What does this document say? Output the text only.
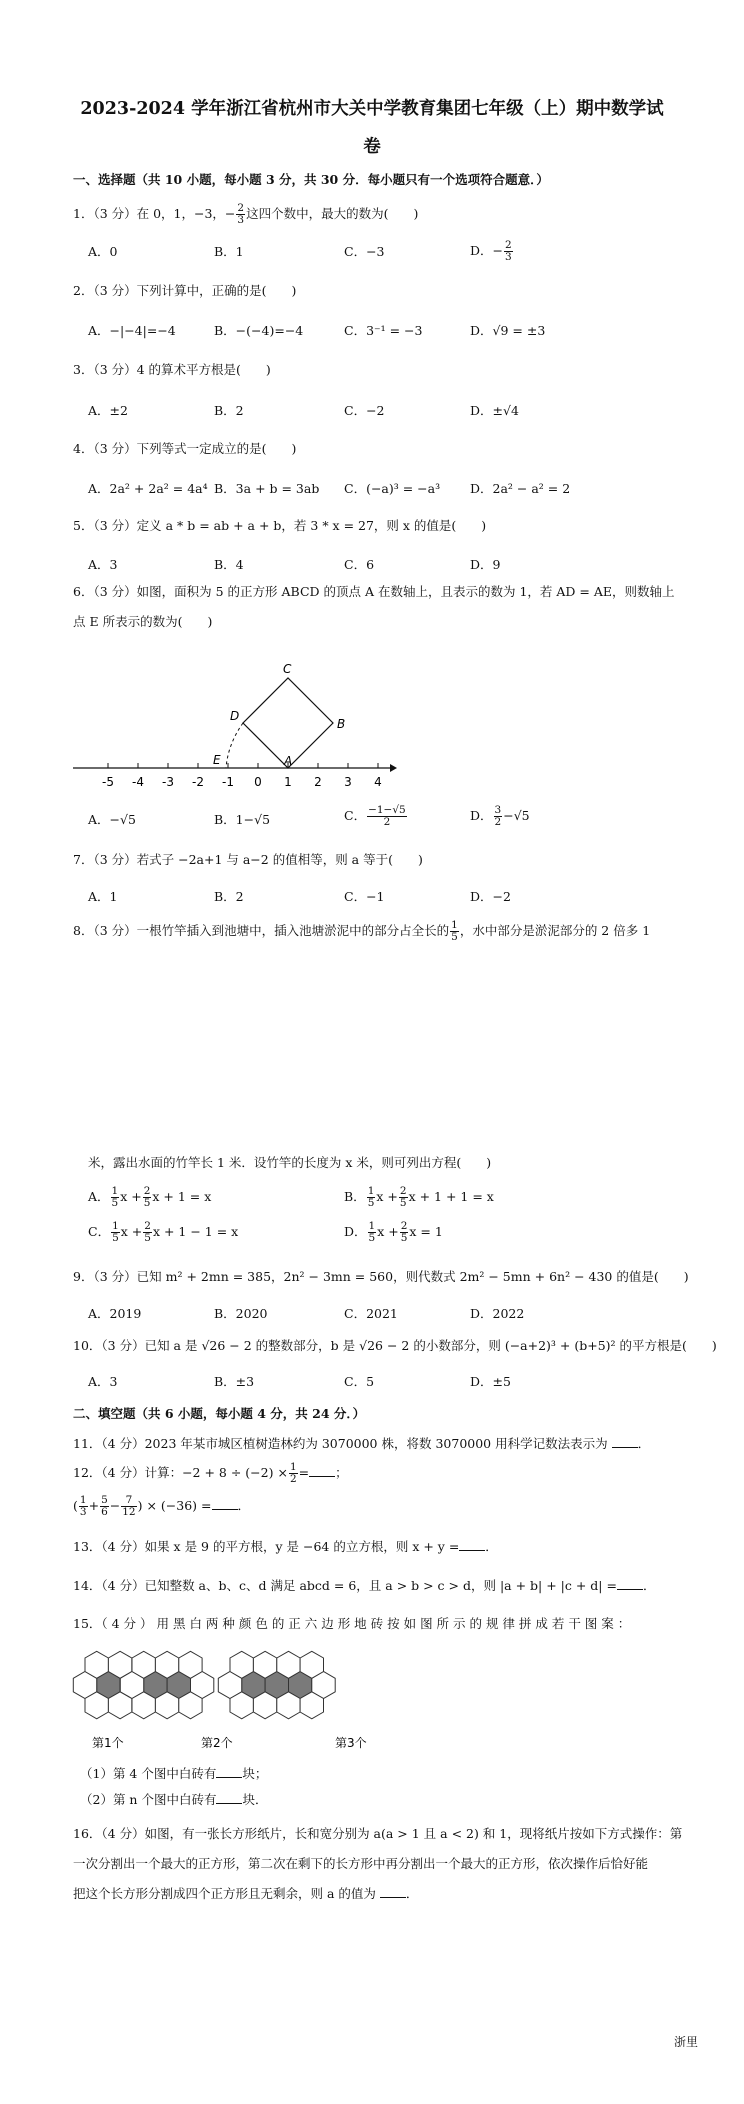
2023-2024 学年浙江省杭州市大关中学教育集团七年级（上）期中数学试
卷
一、选择题（共 10 小题，每小题 3 分，共 30 分．每小题只有一个选项符合题意．）
1．（3 分）在 0，1，−3，− $\frac{2}{3}$ 这四个数中，最大的数为(　　)
A．0	B．1	C．−3	D．− $\frac{2}{3}$
2．（3 分）下列计算中，正确的是(　　)
A．−|−4|=−4	B．−(−4)=−4	C．3⁻¹ = −3	D．√9 = ±3
3．（3 分）4 的算术平方根是(　　)
A．±2	B．2	C．−2	D．±√4
4．（3 分）下列等式一定成立的是(　　)
A．2a² + 2a² = 4a⁴ B．3a + b = 3ab C．(−a)³ = −a³ D．2a² − a² = 2
5．（3 分）定义 a * b = ab + a + b，若 3 * x = 27，则 x 的值是(　　)
A．3	B．4	C．6	D．9
6．（3 分）如图，面积为 5 的正方形 ABCD 的顶点 A 在数轴上，且表示的数为 1，若 AD = AE，则数轴上
点 E 所表示的数为(　　)
-5 -4 -3 -2 -1 0 1 2 3 4
A
B
C
D
E
A．−√5	B．1−√5	C． $\frac{-1-√5}{2}$	D． $\frac{3}{2} -√5$
7．（3 分）若式子 −2a+1 与 a−2 的值相等，则 a 等于(　　)
A．1	B．2	C．−1	D．−2
8．（3 分）一根竹竿插入到池塘中，插入池塘淤泥中的部分占全长的 $\frac{1}{5}$ ，水中部分是淤泥部分的 2 倍多 1
米，露出水面的竹竿长 1 米．设竹竿的长度为 x 米，则可列出方程(　　)
A． $\frac{1}{5}$ $x + \frac{2}{5}$ x + 1 = x	B． $\frac{1}{5}$ $x + \frac{2}{5}$ x + 1 + 1 = x
C． $\frac{1}{5}$ $x + \frac{2}{5}$ x + 1 − 1 = x	D． $\frac{1}{5}$ $x + \frac{2}{5}$ x = 1
9．（3 分）已知 m² + 2mn = 385，2n² − 3mn = 560，则代数式 2m² − 5mn + 6n² − 430 的值是(　　)
A．2019	B．2020	C．2021	D．2022
10．（3 分）已知 a 是 √26 − 2 的整数部分，b 是 √26 − 2 的小数部分，则 (−a+2)³ + (b+5)² 的平方根是(　　)
A．3	B．±3	C．5	D．±5
二、填空题（共 6 小题，每小题 4 分，共 24 分．）
11．（4 分）2023 年某市城区植树造林约为 3070000 株，将数 3070000 用科学记数法表示为 ．
12．（4 分）计算：$-2 + 8 \div (-2) \times \frac{1}{2}$ = ；
( $\frac{1}{3} + \frac{5}{6} - \frac{7}{12}$ ) × (−36) = ．
13．（4 分）如果 x 是 9 的平方根，y 是 −64 的立方根，则 x + y = ．
14．（4 分）已知整数 a、b、c、d 满足 abcd = 6，且 a > b > c > d，则 |a + b| + |c + d| = ．
15．（ 4 分 ） 用 黑 白 两 种 颜 色 的 正 六 边 形 地 砖 按 如 图 所 示 的 规 律 拼 成 若 干 图 案 ：
第1个	第2个	第3个
（1）第 4 个图中白砖有 块；
（2）第 n 个图中白砖有 块．
16．（4 分）如图，有一张长方形纸片，长和宽分别为 a(a > 1 且 a < 2) 和 1，现将纸片按如下方式操作：第
一次分割出一个最大的正方形，第二次在剩下的长方形中再分割出一个最大的正方形，依次操作后恰好能
把这个长方形分割成四个正方形且无剩余，则 a 的值为 ．
浙里
